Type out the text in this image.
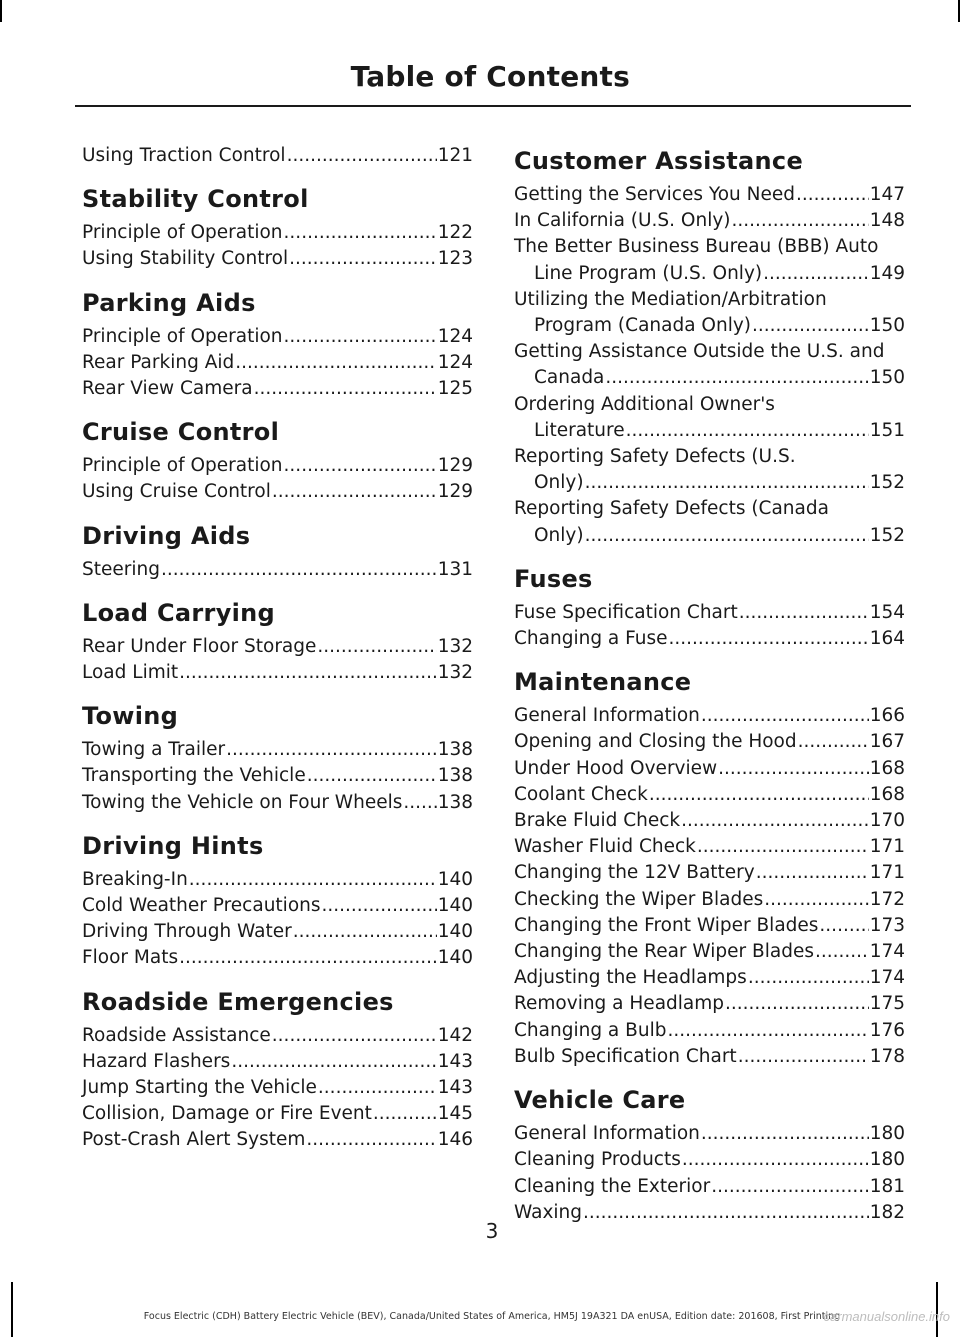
Table of Contents
Using Traction Control .....	121
Stability Control
Principle of Operation .....	122
Using Stability Control .....	123
Parking Aids
Principle of Operation .....	124
Rear Parking Aid .....	124
Rear View Camera .....	125
Cruise Control
Principle of Operation .....	129
Using Cruise Control .....	129
Driving Aids
Steering .....	131
Load Carrying
Rear Under Floor Storage .....	132
Load Limit .....	132
Towing
Towing a Trailer .....	138
Transporting the Vehicle .....	138
Towing the Vehicle on Four Wheels ..... 138
Driving Hints
Breaking-In .....	140
Cold Weather Precautions .....	140
Driving Through Water .....	140
Floor Mats .....	140
Roadside Emergencies
Roadside Assistance .....	142
Hazard Flashers .....	143
Jump Starting the Vehicle .....	143
Collision, Damage or Fire Event .....	145
Post-Crash Alert System .....	146
Customer Assistance
Getting the Services You Need .....	147
In California (U.S. Only) .....	148
The Better Business Bureau (BBB) Auto
Line Program (U.S. Only) .....	149
Utilizing the Mediation/Arbitration
Program (Canada Only) .....	150
Getting Assistance Outside the U.S. and
Canada .....	150
Ordering Additional Owner's
Literature .....	151
Reporting Safety Defects (U.S.
Only) .....	152
Reporting Safety Defects (Canada
Only) .....	152
Fuses
Fuse Specification Chart .....	154
Changing a Fuse .....	164
Maintenance
General Information .....	166
Opening and Closing the Hood .....	167
Under Hood Overview .....	168
Coolant Check .....	168
Brake Fluid Check .....	170
Washer Fluid Check .....	171
Changing the 12V Battery .....	171
Checking the Wiper Blades .....	172
Changing the Front Wiper Blades .....	173
Changing the Rear Wiper Blades .....	174
Adjusting the Headlamps .....	174
Removing a Headlamp .....	175
Changing a Bulb .....	176
Bulb Specification Chart .....	178
Vehicle Care
General Information .....	180
Cleaning Products .....	180
Cleaning the Exterior .....	181
Waxing .....	182
3
Focus Electric (CDH) Battery Electric Vehicle (BEV), Canada/United States of America, HM5J 19A321 DA enUSA, Edition date: 201608, First Printing
carmanualsonline.info
